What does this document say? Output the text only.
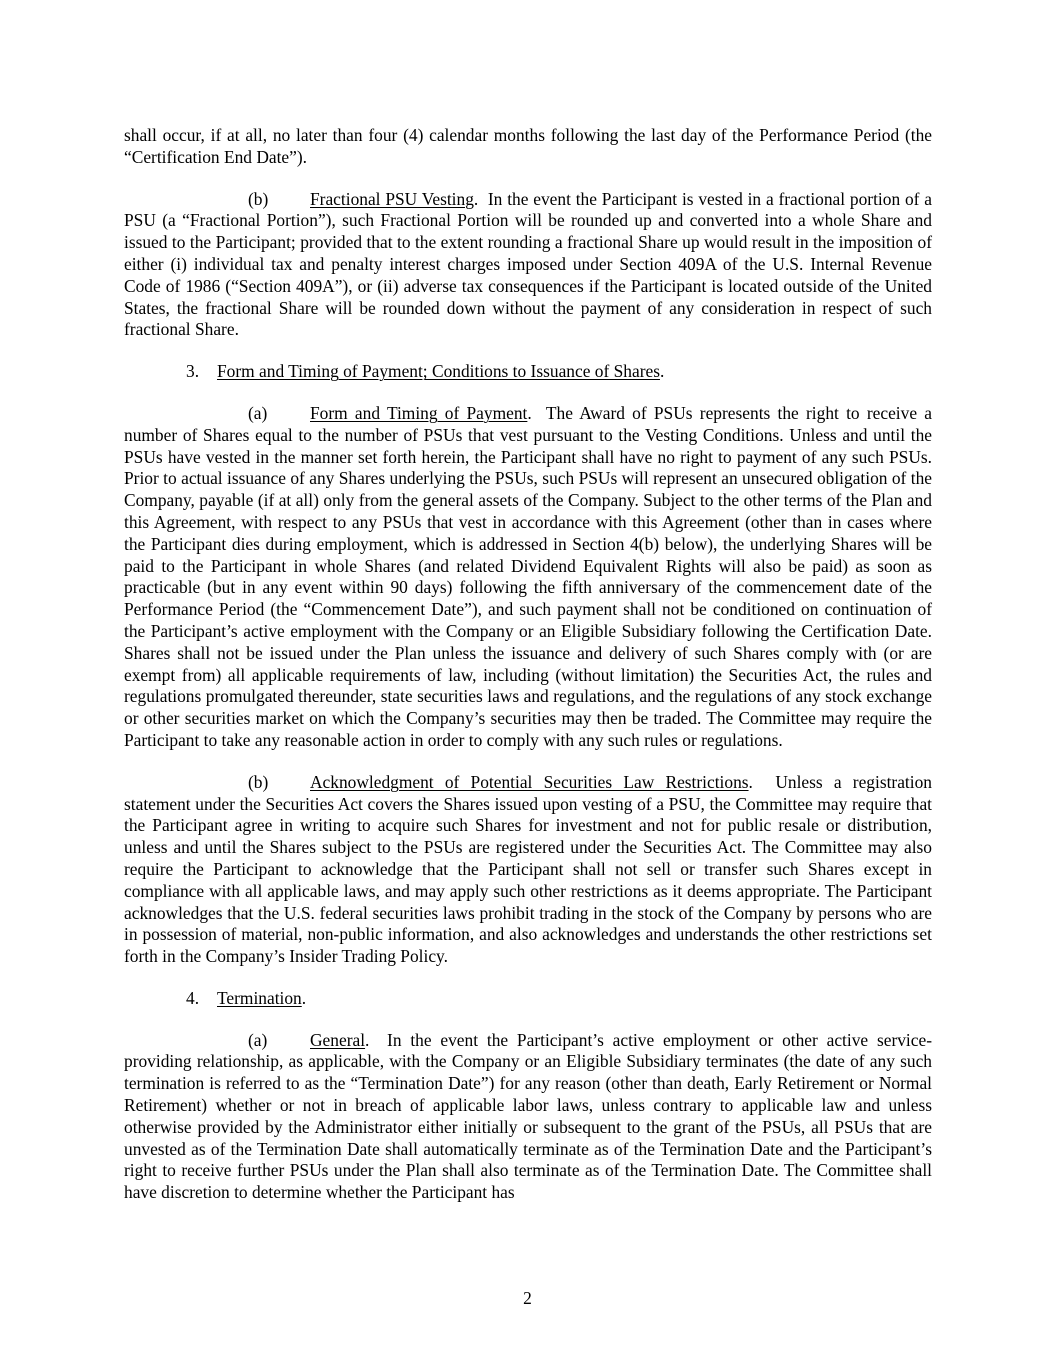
shall occur, if at all, no later than four (4) calendar months following the last day of the Performance Period (the “Certification End Date”).

(b) Fractional PSU Vesting.  In the event the Participant is vested in a fractional portion of a PSU (a “Fractional Portion”), such Fractional Portion will be rounded up and converted into a whole Share and issued to the Participant; provided that to the extent rounding a fractional Share up would result in the imposition of either (i) individual tax and penalty interest charges imposed under Section 409A of the U.S. Internal Revenue Code of 1986 (“Section 409A”), or (ii) adverse tax consequences if the Participant is located outside of the United States, the fractional Share will be rounded down without the payment of any consideration in respect of such fractional Share.

3. Form and Timing of Payment; Conditions to Issuance of Shares.

(a) Form and Timing of Payment.  The Award of PSUs represents the right to receive a number of Shares equal to the number of PSUs that vest pursuant to the Vesting Conditions. Unless and until the PSUs have vested in the manner set forth herein, the Participant shall have no right to payment of any such PSUs. Prior to actual issuance of any Shares underlying the PSUs, such PSUs will represent an unsecured obligation of the Company, payable (if at all) only from the general assets of the Company. Subject to the other terms of the Plan and this Agreement, with respect to any PSUs that vest in accordance with this Agreement (other than in cases where the Participant dies during employment, which is addressed in Section 4(b) below), the underlying Shares will be paid to the Participant in whole Shares (and related Dividend Equivalent Rights will also be paid) as soon as practicable (but in any event within 90 days) following the fifth anniversary of the commencement date of the Performance Period (the “Commencement Date”), and such payment shall not be conditioned on continuation of the Participant’s active employment with the Company or an Eligible Subsidiary following the Certification Date. Shares shall not be issued under the Plan unless the issuance and delivery of such Shares comply with (or are exempt from) all applicable requirements of law, including (without limitation) the Securities Act, the rules and regulations promulgated thereunder, state securities laws and regulations, and the regulations of any stock exchange or other securities market on which the Company’s securities may then be traded. The Committee may require the Participant to take any reasonable action in order to comply with any such rules or regulations.

(b) Acknowledgment of Potential Securities Law Restrictions.  Unless a registration statement under the Securities Act covers the Shares issued upon vesting of a PSU, the Committee may require that the Participant agree in writing to acquire such Shares for investment and not for public resale or distribution, unless and until the Shares subject to the PSUs are registered under the Securities Act. The Committee may also require the Participant to acknowledge that the Participant shall not sell or transfer such Shares except in compliance with all applicable laws, and may apply such other restrictions as it deems appropriate. The Participant acknowledges that the U.S. federal securities laws prohibit trading in the stock of the Company by persons who are in possession of material, non-public information, and also acknowledges and understands the other restrictions set forth in the Company’s Insider Trading Policy.

4. Termination.

(a) General.  In the event the Participant’s active employment or other active service-providing relationship, as applicable, with the Company or an Eligible Subsidiary terminates (the date of any such termination is referred to as the “Termination Date”) for any reason (other than death, Early Retirement or Normal Retirement) whether or not in breach of applicable labor laws, unless contrary to applicable law and unless otherwise provided by the Administrator either initially or subsequent to the grant of the PSUs, all PSUs that are unvested as of the Termination Date shall automatically terminate as of the Termination Date and the Participant’s right to receive further PSUs under the Plan shall also terminate as of the Termination Date. The Committee shall have discretion to determine whether the Participant has

2
